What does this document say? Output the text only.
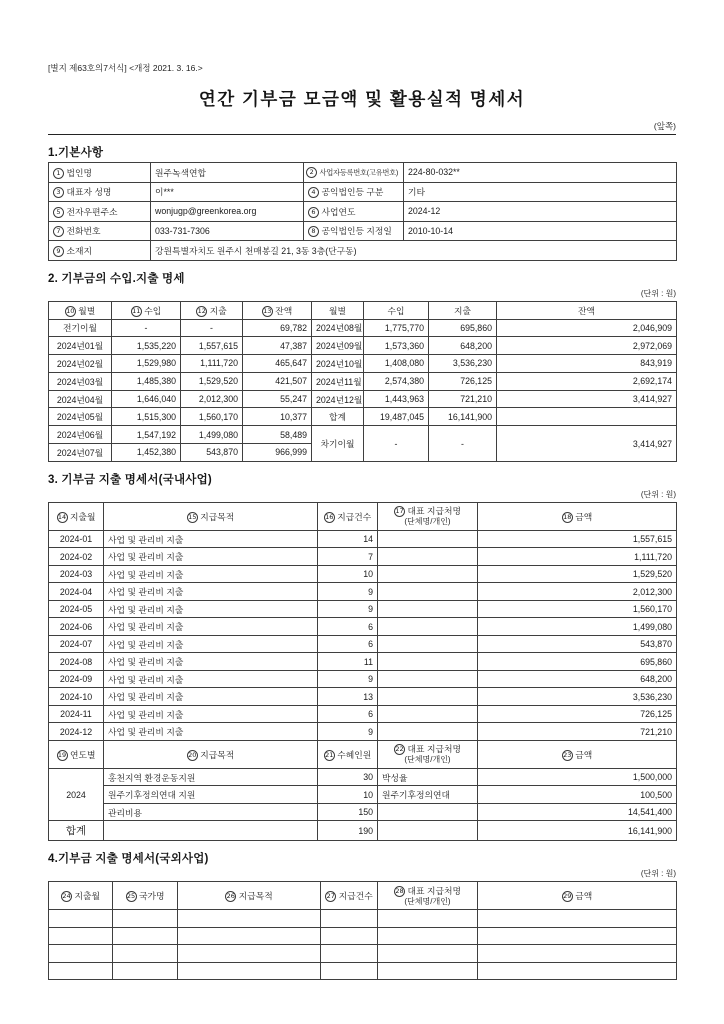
[별지 제63호의7서식] <개정 2021. 3. 16.>
연간 기부금 모금액 및 활용실적 명세서
(앞쪽)
1.기본사항
1 법인명	원주녹색연합	2 사업자등록번호(고유번호)	224-80-032**
3 대표자 성명	이***	4 공익법인등 구분	기타
5 전자우편주소	wonjugp@greenkorea.org	6 사업연도	2024-12
7 전화번호	033-731-7306	8 공익법인등 지정일	2010-10-14
9 소재지	강원특별자치도 원주시 천매봉길 21, 3동 3층(단구동)		
2. 기부금의 수입.지출 명세
(단위 : 원)
10 월별	11 수입	12 지출	13 잔액	월별	수입	지출	잔액
전기이월	-	-	69,782	2024년08월	1,775,770	695,860	2,046,909
2024년01월	1,535,220	1,557,615	47,387	2024년09월	1,573,360	648,200	2,972,069
2024년02월	1,529,980	1,111,720	465,647	2024년10월	1,408,080	3,536,230	843,919
2024년03월	1,485,380	1,529,520	421,507	2024년11월	2,574,380	726,125	2,692,174
2024년04월	1,646,040	2,012,300	55,247	2024년12월	1,443,963	721,210	3,414,927
2024년05월	1,515,300	1,560,170	10,377	합계	19,487,045	16,141,900	
2024년06월	1,547,192	1,499,080	58,489	차기이월	-	-	3,414,927
2024년07월	1,452,380	543,870	966,999				
3. 기부금 지출 명세서(국내사업)
(단위 : 원)
14 지출월	15 지급목적	16 지급건수	17 대표 지급처명
(단체명/개인)	18 금액
2024-01	사업 및 관리비 지출	14		1,557,615
2024-02	사업 및 관리비 지출	7		1,111,720
2024-03	사업 및 관리비 지출	10		1,529,520
2024-04	사업 및 관리비 지출	9		2,012,300
2024-05	사업 및 관리비 지출	9		1,560,170
2024-06	사업 및 관리비 지출	6		1,499,080
2024-07	사업 및 관리비 지출	6		543,870
2024-08	사업 및 관리비 지출	11		695,860
2024-09	사업 및 관리비 지출	9		648,200
2024-10	사업 및 관리비 지출	13		3,536,230
2024-11	사업 및 관리비 지출	6		726,125
2024-12	사업 및 관리비 지출	9		721,210
19 연도별	20 지급목적	21 수혜인원	22 대표 지급처명
(단체명/개인)	23 금액
2024	홍천지역 환경운동지원	30	박성율	1,500,000
	원주기후정의연대 지원	10	원주기후정의연대	100,500
	관리비용	150		14,541,400
합계		190		16,141,900
4.기부금 지출 명세서(국외사업)
(단위 : 원)
24 지출월	25 국가명	26 지급목적	27 지급건수	28 대표 지급처명
(단체명/개인)	29 금액
